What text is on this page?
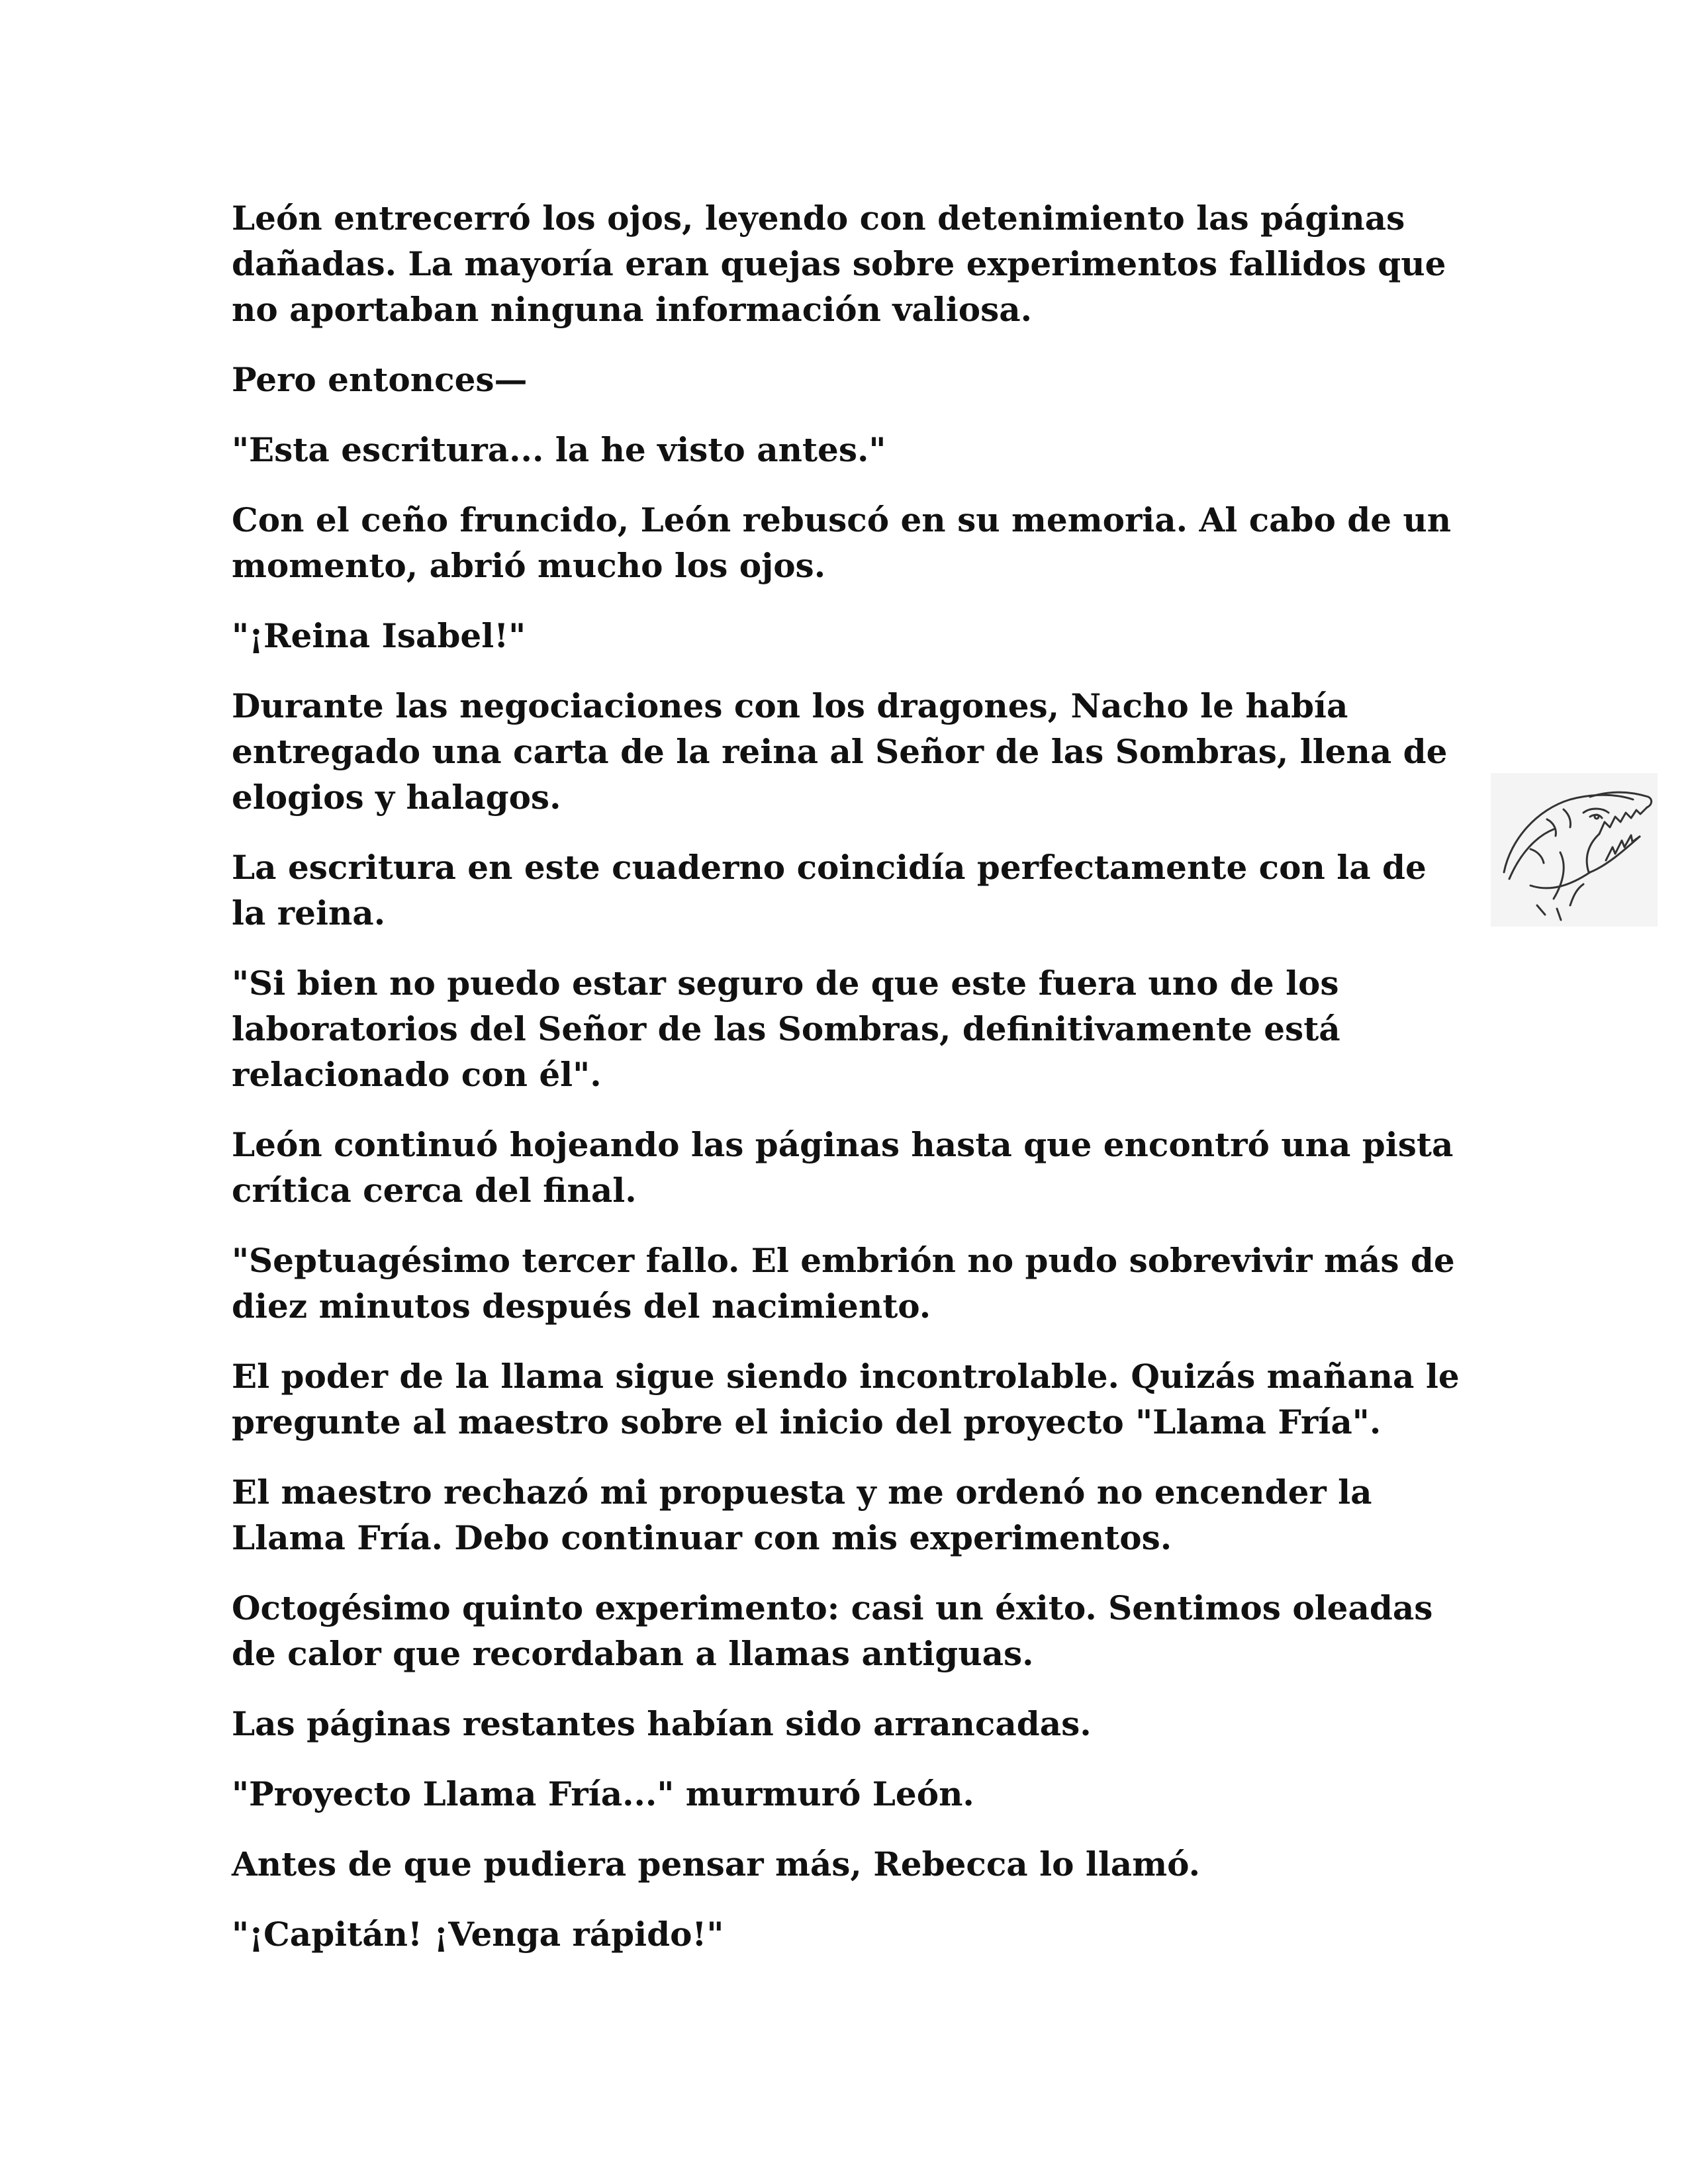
León entrecerró los ojos, leyendo con detenimiento las páginas dañadas. La mayoría eran quejas sobre experimentos fallidos que no aportaban ninguna información valiosa.

Pero entonces—

"Esta escritura... la he visto antes."

Con el ceño fruncido, León rebuscó en su memoria. Al cabo de un momento, abrió mucho los ojos.

"¡Reina Isabel!"

Durante las negociaciones con los dragones, Nacho le había entregado una carta de la reina al Señor de las Sombras, llena de elogios y halagos.

La escritura en este cuaderno coincidía perfectamente con la de la reina.

"Si bien no puedo estar seguro de que este fuera uno de los laboratorios del Señor de las Sombras, definitivamente está relacionado con él".

León continuó hojeando las páginas hasta que encontró una pista crítica cerca del final.

"Septuagésimo tercer fallo. El embrión no pudo sobrevivir más de diez minutos después del nacimiento.

El poder de la llama sigue siendo incontrolable. Quizás mañana le pregunte al maestro sobre el inicio del proyecto "Llama Fría".

El maestro rechazó mi propuesta y me ordenó no encender la Llama Fría. Debo continuar con mis experimentos.

Octogésimo quinto experimento: casi un éxito. Sentimos oleadas de calor que recordaban a llamas antiguas.

Las páginas restantes habían sido arrancadas.

"Proyecto Llama Fría..." murmuró León.

Antes de que pudiera pensar más, Rebecca lo llamó.

"¡Capitán! ¡Venga rápido!"
